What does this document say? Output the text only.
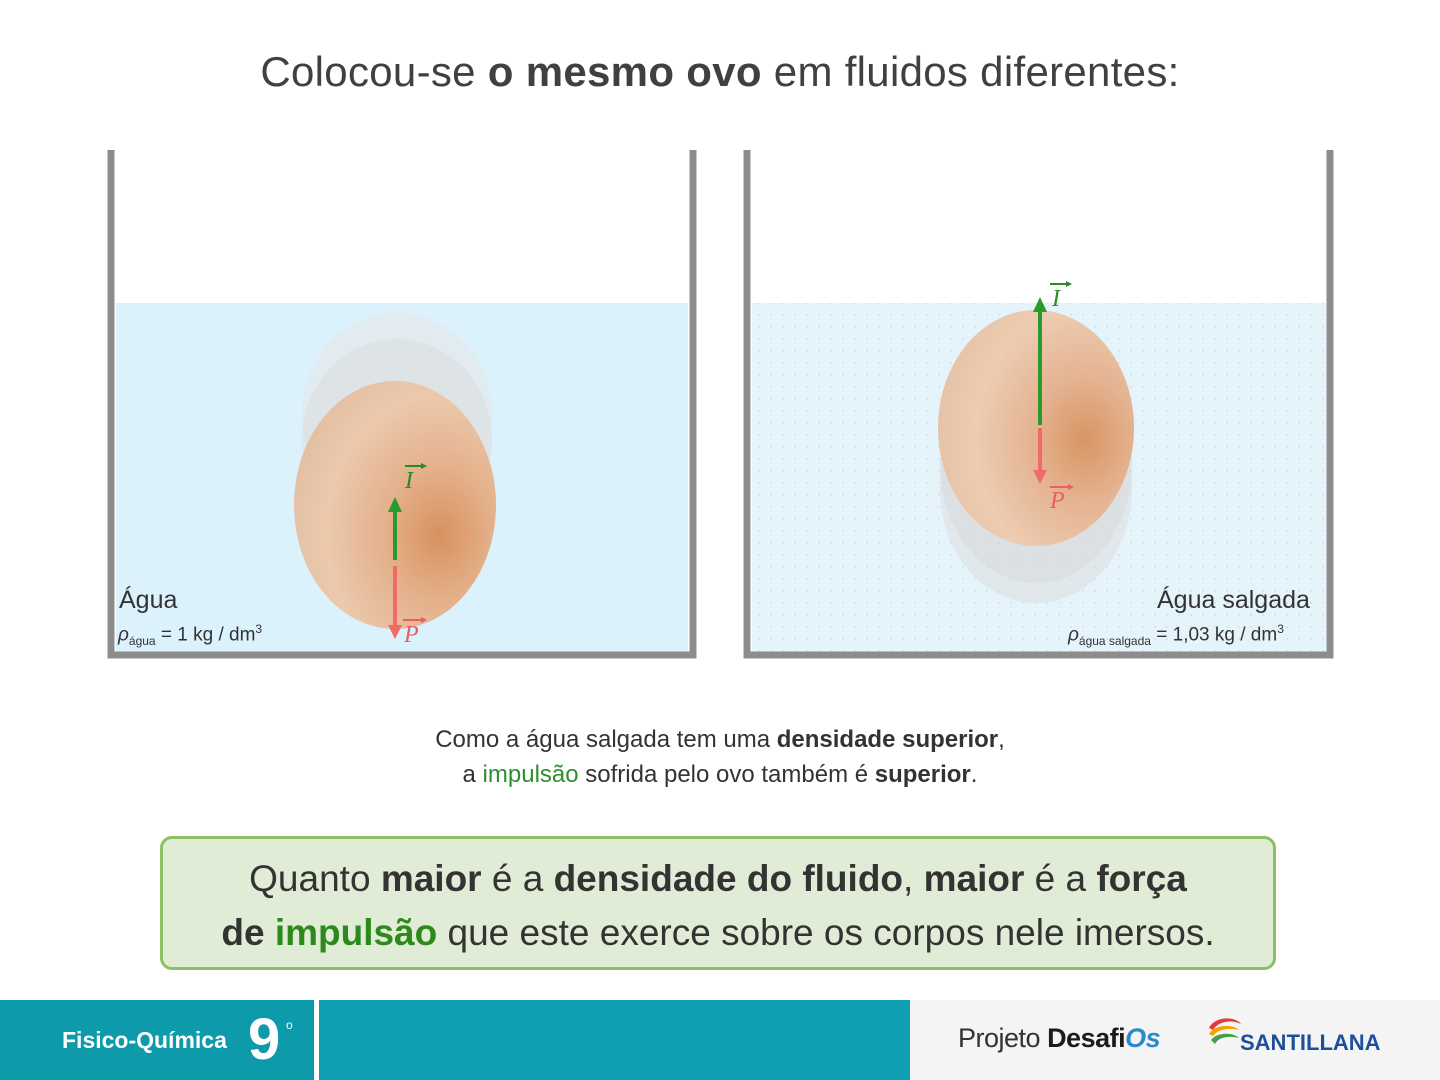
Colocou-se o mesmo ovo em fluidos diferentes:
I
P
I
P
Água
$\rho_{água} = 1$ kg / $dm^3$
Água salgada
$\rho_{água salgada} = 1,03$ kg / $dm^3$
Como a água salgada tem uma densidade superior,
a impulsão sofrida pelo ovo também é superior.
Quanto maior é a densidade do fluido, maior é a força
de impulsão que este exerce sobre os corpos nele imersos.
Fisico-Química 9 o	Projeto DesafiOs	SANTILLANA
